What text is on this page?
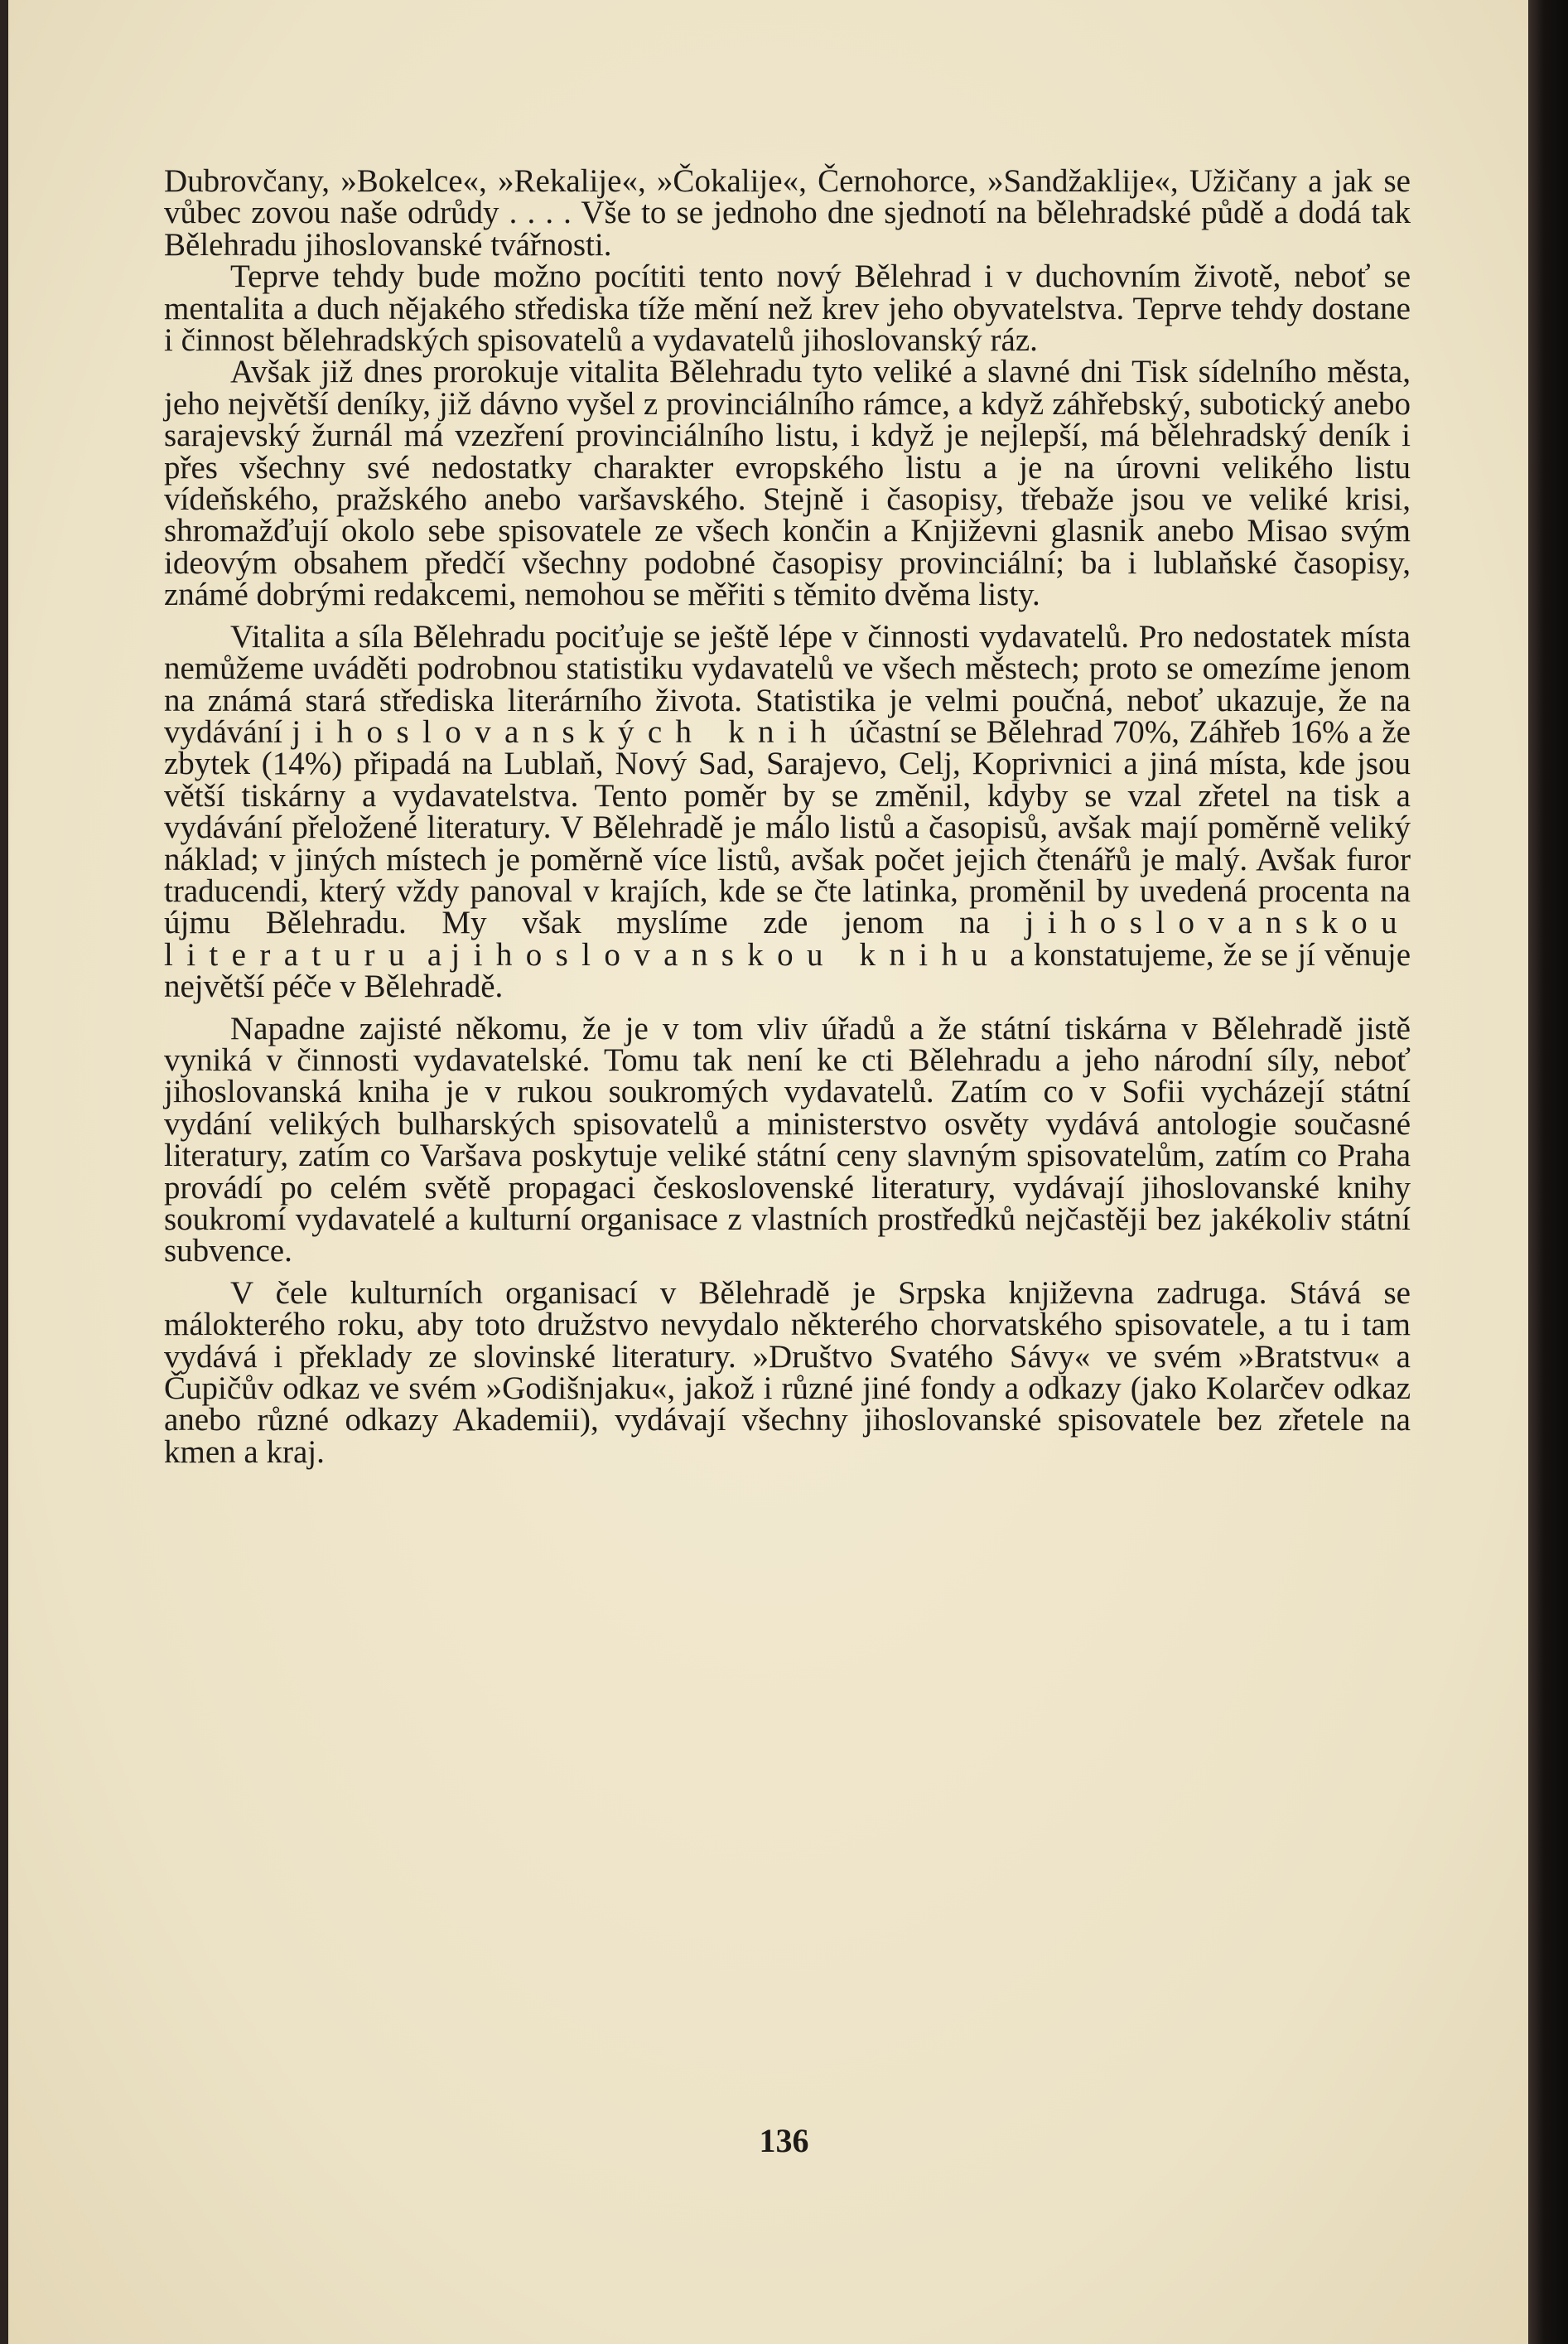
Dubrovčany, »Bokelce«, »Rekalije«, »Čokalije«, Černohorce, »Sandžaklije«, Užičany a jak se vůbec zovou naše odrůdy . . . . Vše to se jednoho dne sjednotí na bělehradské půdě a dodá tak Bělehradu jihoslovanské tvářnosti.

Teprve tehdy bude možno pocítiti tento nový Bělehrad i v duchovním životě, neboť se mentalita a duch nějakého střediska tíže mění než krev jeho obyvatelstva. Teprve tehdy dostane i činnost bělehradských spisovatelů a vydavatelů jihoslovanský ráz.

Avšak již dnes prorokuje vitalita Bělehradu tyto veliké a slavné dni Tisk sídelního města, jeho největší deníky, již dávno vyšel z provinciálního rámce, a když záhřebský, subotický anebo sarajevský žurnál má vzezření provinciálního listu, i když je nejlepší, má bělehradský deník i přes všechny své nedostatky charakter evropského listu a je na úrovni velikého listu vídeňského, pražského anebo varšavského. Stejně i časopisy, třebaže jsou ve veliké krisi, shromažďují okolo sebe spisovatele ze všech končin a Književni glasnik anebo Misao svým ideovým obsahem předčí všechny podobné časopisy provinciální; ba i lublaňské časopisy, známé dobrými redakcemi, nemohou se měřiti s těmito dvěma listy.

Vitalita a síla Bělehradu pociťuje se ještě lépe v činnosti vydavatelů. Pro nedostatek místa nemůžeme uváděti podrobnou statistiku vydavatelů ve všech městech; proto se omezíme jenom na známá stará střediska literárního života. Statistika je velmi poučná, neboť ukazuje, že na vydávání jihoslovanských knih účastní se Bělehrad 70%, Záhřeb 16% a že zbytek (14%) připadá na Lublaň, Nový Sad, Sarajevo, Celj, Koprivnici a jiná místa, kde jsou větší tiskárny a vydavatelstva. Tento poměr by se změnil, kdyby se vzal zřetel na tisk a vydávání přeložené literatury. V Bělehradě je málo listů a časopisů, avšak mají poměrně veliký náklad; v jiných místech je poměrně více listů, avšak počet jejich čtenářů je malý. Avšak furor traducendi, který vždy panoval v krajích, kde se čte latinka, proměnil by uvedená procenta na újmu Bělehradu. My však myslíme zde jenom na jihoslovanskou literaturu a jihoslovanskou knihu a konstatujeme, že se jí věnuje největší péče v Bělehradě.

Napadne zajisté někomu, že je v tom vliv úřadů a že státní tiskárna v Bělehradě jistě vyniká v činnosti vydavatelské. Tomu tak není ke cti Bělehradu a jeho národní síly, neboť jihoslovanská kniha je v rukou soukromých vydavatelů. Zatím co v Sofii vycházejí státní vydání velikých bulharských spisovatelů a ministerstvo osvěty vydává antologie současné literatury, zatím co Varšava poskytuje veliké státní ceny slavným spisovatelům, zatím co Praha provádí po celém světě propagaci československé literatury, vydávají jihoslovanské knihy soukromí vydavatelé a kulturní organisace z vlastních prostředků nejčastěji bez jakékoliv státní subvence.

V čele kulturních organisací v Bělehradě je Srpska književna zadruga. Stává se málokterého roku, aby toto družstvo nevydalo některého chorvatského spisovatele, a tu i tam vydává i překlady ze slovinské literatury. »Društvo Svatého Sávy« ve svém »Bratstvu« a Čupičův odkaz ve svém »Godišnjaku«, jakož i různé jiné fondy a odkazy (jako Kolarčev odkaz anebo různé odkazy Akademii), vydávají všechny jihoslovanské spisovatele bez zřetele na kmen a kraj.

136
